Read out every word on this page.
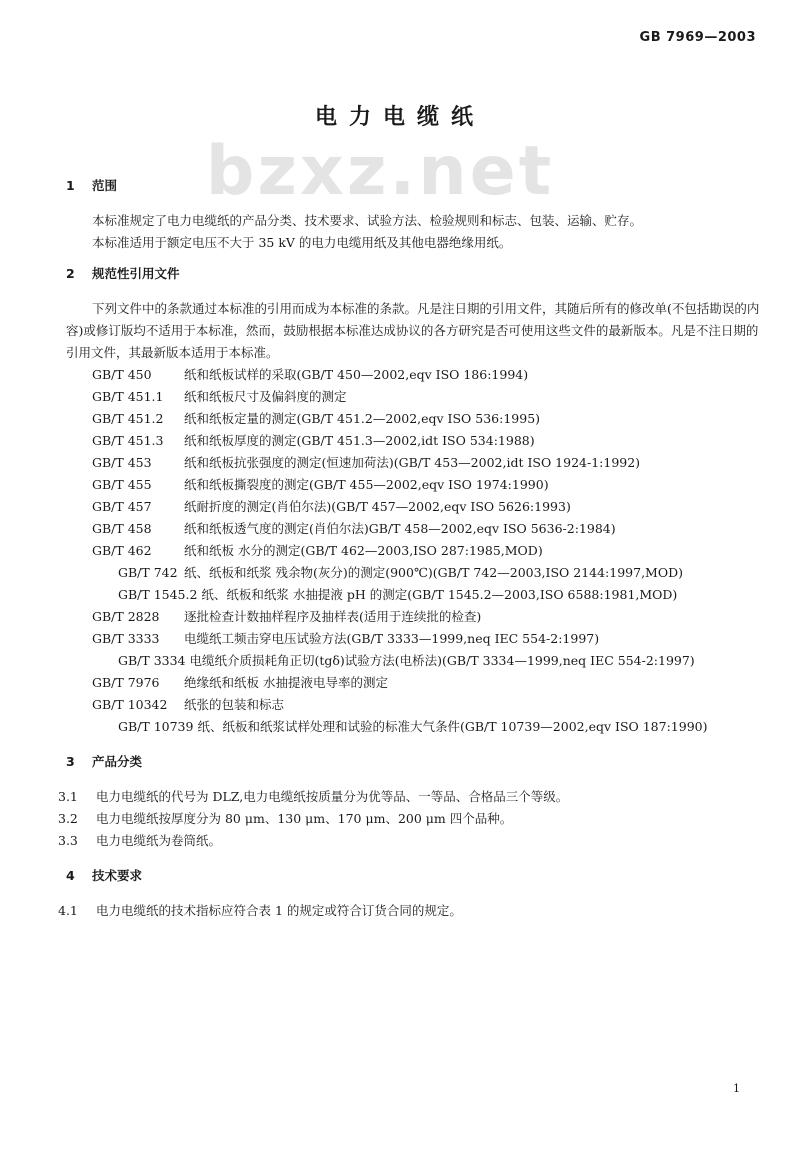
GB 7969—2003
电力电缆纸
bzxz.net
1 范围

本标准规定了电力电缆纸的产品分类、技术要求、试验方法、检验规则和标志、包装、运输、贮存。

本标准适用于额定电压不大于 35 kV 的电力电缆用纸及其他电器绝缘用纸。

2 规范性引用文件

下列文件中的条款通过本标准的引用而成为本标准的条款。凡是注日期的引用文件，其随后所有的修改单(不包括勘误的内容)或修订版均不适用于本标准，然而，鼓励根据本标准达成协议的各方研究是否可使用这些文件的最新版本。凡是不注日期的引用文件，其最新版本适用于本标准。

GB/T 450	纸和纸板试样的采取(GB/T 450—2002,eqv ISO 186:1994)
GB/T 451.1 纸和纸板尺寸及偏斜度的测定
GB/T 451.2 纸和纸板定量的测定(GB/T 451.2—2002,eqv ISO 536:1995)
GB/T 451.3 纸和纸板厚度的测定(GB/T 451.3—2002,idt ISO 534:1988)
GB/T 453	纸和纸板抗张强度的测定(恒速加荷法)(GB/T 453—2002,idt ISO 1924-1:1992)
GB/T 455	纸和纸板撕裂度的测定(GB/T 455—2002,eqv ISO 1974:1990)
GB/T 457	纸耐折度的测定(肖伯尔法)(GB/T 457—2002,eqv ISO 5626:1993)
GB/T 458	纸和纸板透气度的测定(肖伯尔法)GB/T 458—2002,eqv ISO 5636-2:1984)
GB/T 462	纸和纸板 水分的测定(GB/T 462—2003,ISO 287:1985,MOD)
GB/T 742 纸、纸板和纸浆 残余物(灰分)的测定(900℃)(GB/T 742—2003,ISO 2144:1997,MOD)
GB/T 1545.2 纸、纸板和纸浆 水抽提液 pH 的测定(GB/T 1545.2—2003,ISO 6588:1981,MOD)
GB/T 2828 逐批检查计数抽样程序及抽样表(适用于连续批的检查)
GB/T 3333 电缆纸工频击穿电压试验方法(GB/T 3333—1999,neq IEC 554-2:1997)
GB/T 3334 电缆纸介质损耗角正切(tgδ)试验方法(电桥法)(GB/T 3334—1999,neq IEC 554-2:1997)
GB/T 7976 绝缘纸和纸板 水抽提液电导率的测定
GB/T 10342 纸张的包装和标志
GB/T 10739 纸、纸板和纸浆试样处理和试验的标准大气条件(GB/T 10739—2002,eqv ISO 187:1990)
3 产品分类
3.1 电力电缆纸的代号为 DLZ,电力电缆纸按质量分为优等品、一等品、合格品三个等级。
3.2 电力电缆纸按厚度分为 80 μm、130 μm、170 μm、200 μm 四个品种。
3.3 电力电缆纸为卷筒纸。
4 技术要求
4.1 电力电缆纸的技术指标应符合表 1 的规定或符合订货合同的规定。
1
